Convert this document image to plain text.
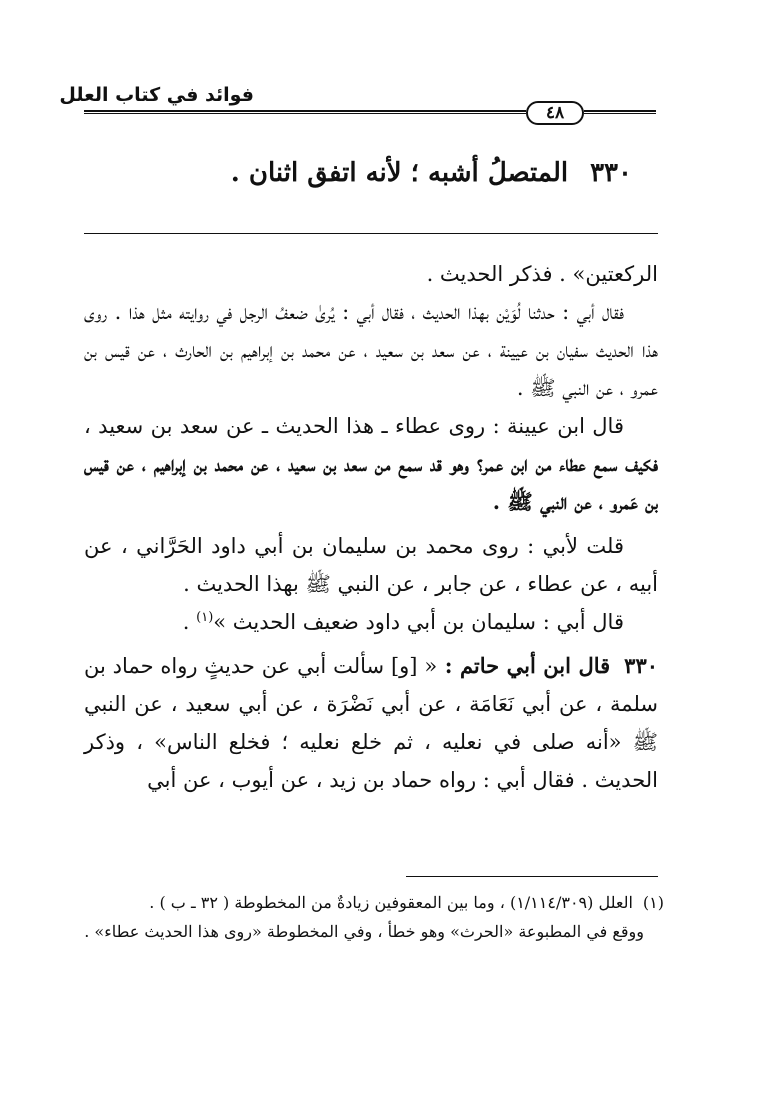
فوائد في كتاب العلل
٤٨
٣٣٠المتصلُ أشبه ؛ لأنه اتفق اثنان .

الركعتين» . فذكر الحديث .

فقال أبي : حدثنا لُوَيْن بهذا الحديث ، فقال أبي : يُرىٰ ضعفُ الرجل في روايته مثل هذا . روى هذا الحديث سفيان بن عيينة ، عن سعد بن سعيد ، عن محمد بن إبراهيم بن الحارث ، عن قيس بن عمرو ، عن النبي ﷺ .

قال ابن عيينة : روى عطاء ـ هذا الحديث ـ عن سعد بن سعيد ، فكيف سمع عطاء من ابن عمر؟ وهو قد سمع من سعد بن سعيد ، عن محمد بن إبراهيم ، عن قيس بن عَمرو ، عن النبي ﷺ .

قلت لأبي : روى محمد بن سليمان بن أبي داود الحَرَّاني ، عن أبيه ، عن عطاء ، عن جابر ، عن النبي ﷺ بهذا الحديث .

قال أبي : سليمان بن أبي داود ضعيف الحديث »$^{(١)}$ .

٣٣٠قال ابن أبي حاتم : « [و] سألت أبي عن حديثٍ رواه حماد بن سلمة ، عن أبي نَعَامَة ، عن أبي نَضْرَة ، عن أبي سعيد ، عن النبي ﷺ «أنه صلى في نعليه ، ثم خلع نعليه ؛ فخلع الناس» ، وذكر الحديث . فقال أبي : رواه حماد بن زيد ، عن أيوب ، عن أبي

(١)العلل (١/١١٤/٣٠٩) ، وما بين المعقوفين زيادةٌ من المخطوطة ( ٣٢ ـ ب ) .

ووقع في المطبوعة «الحرث» وهو خطأ ، وفي المخطوطة «روى هذا الحديث عطاء» .
